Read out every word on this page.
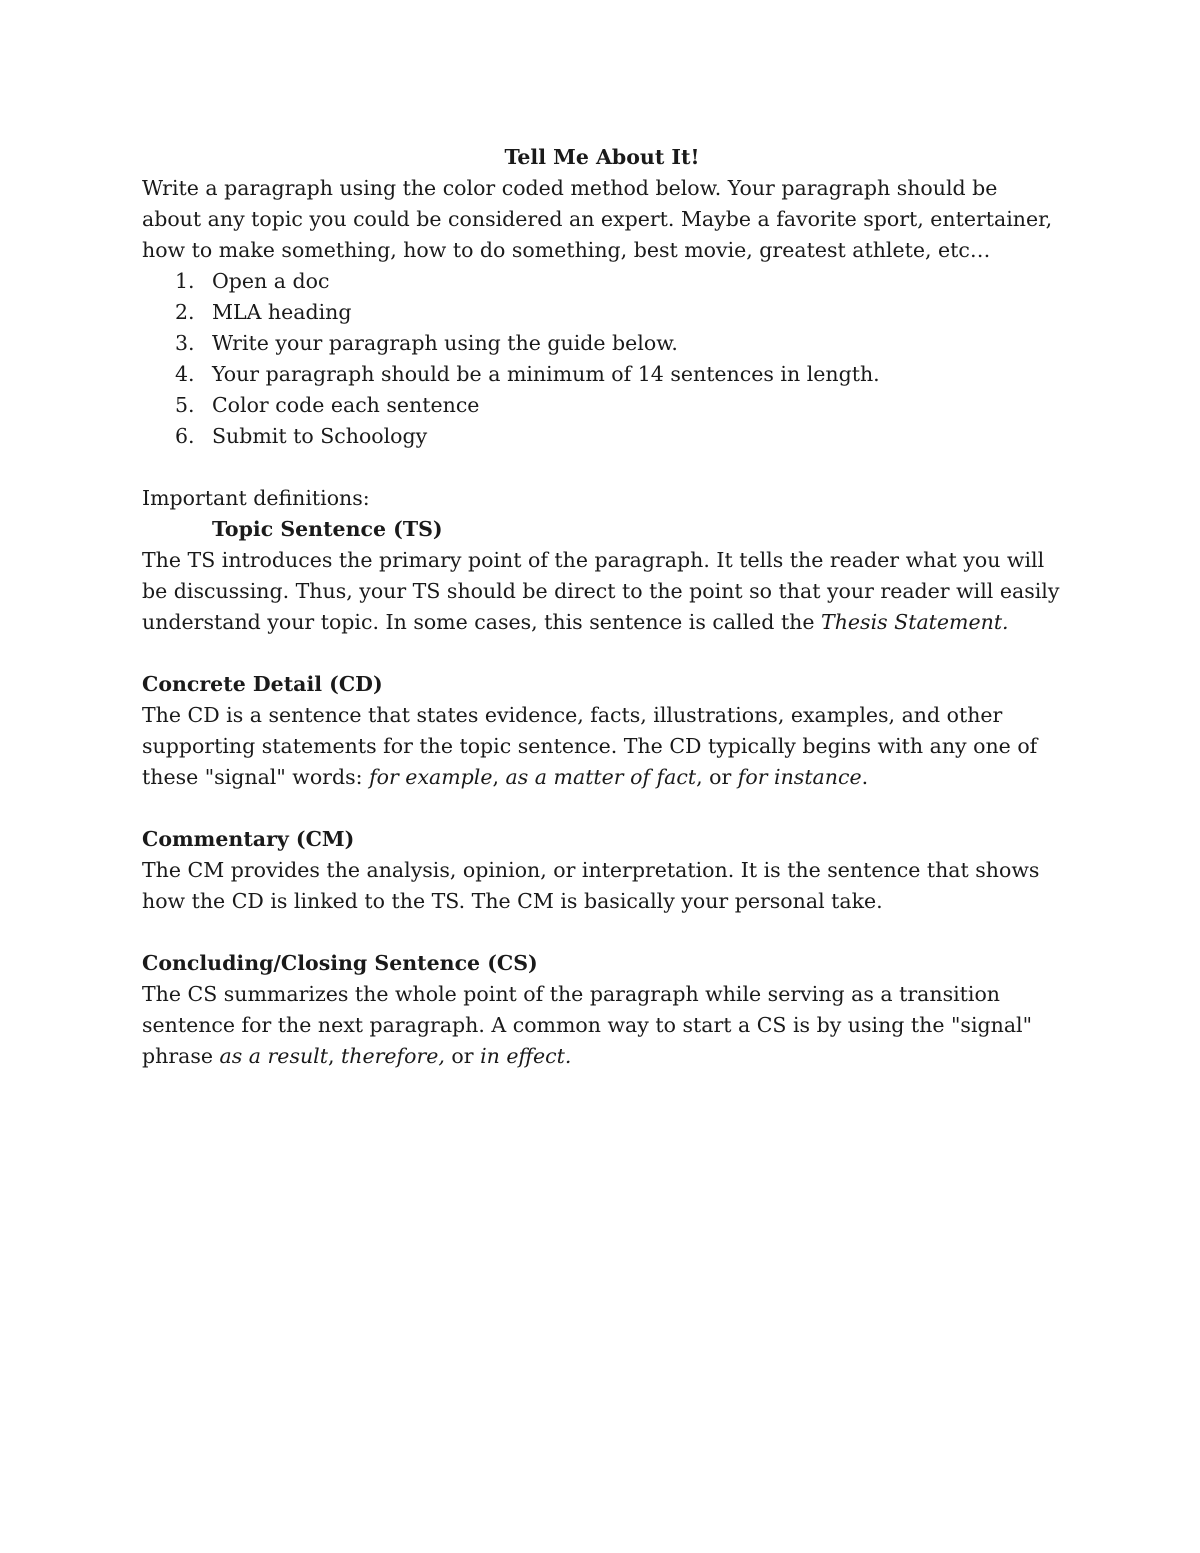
Tell Me About It!

Write a paragraph using the color coded method below. Your paragraph should be about any topic you could be considered an expert. Maybe a favorite sport, entertainer, how to make something, how to do something, best movie, greatest athlete, etc…

1. Open a doc
2. MLA heading
3. Write your paragraph using the guide below.
4. Your paragraph should be a minimum of 14 sentences in length.
5. Color code each sentence
6. Submit to Schoology

Important definitions:

Topic Sentence (TS)

The TS introduces the primary point of the paragraph. It tells the reader what you will be discussing. Thus, your TS should be direct to the point so that your reader will easily understand your topic. In some cases, this sentence is called the Thesis Statement.

Concrete Detail (CD)

The CD is a sentence that states evidence, facts, illustrations, examples, and other supporting statements for the topic sentence. The CD typically begins with any one of these "signal" words: for example, as a matter of fact, or for instance.

Commentary (CM)

The CM provides the analysis, opinion, or interpretation. It is the sentence that shows how the CD is linked to the TS. The CM is basically your personal take.

Concluding/Closing Sentence (CS)

The CS summarizes the whole point of the paragraph while serving as a transition sentence for the next paragraph. A common way to start a CS is by using the "signal" phrase as a result, therefore, or in effect.
